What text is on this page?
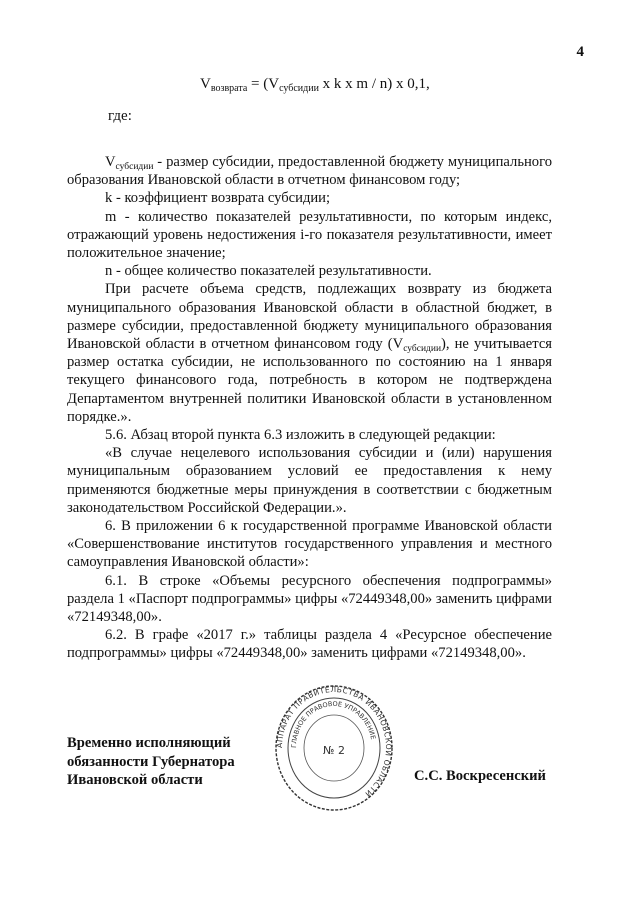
4
$V_{возврата} = (V_{субсидии}$ x k x m / n) x 0,1,
где:

$V_{субсидии}$ - размер субсидии, предоставленной бюджету муниципального образования Ивановской области в отчетном финансовом году;

k - коэффициент возврата субсидии;

m - количество показателей результативности, по которым индекс, отражающий уровень недостижения i-го показателя результативности, имеет положительное значение;

n - общее количество показателей результативности.

При расчете объема средств, подлежащих возврату из бюджета муниципального образования Ивановской области в областной бюджет, в размере субсидии, предоставленной бюджету муниципального образования Ивановской области в отчетном финансовом году $(V_{субсидии})$, не учитывается размер остатка субсидии, не использованного по состоянию на 1 января текущего финансового года, потребность в котором не подтверждена Департаментом внутренней политики Ивановской области в установленном порядке.».

5.6. Абзац второй пункта 6.3 изложить в следующей редакции:

«В случае нецелевого использования субсидии и (или) нарушения муниципальным образованием условий ее предоставления к нему применяются бюджетные меры принуждения в соответствии с бюджетным законодательством Российской Федерации.».

6. В приложении 6 к государственной программе Ивановской области «Совершенствование институтов государственного управления и местного самоуправления Ивановской области»:

6.1. В строке «Объемы ресурсного обеспечения подпрограммы» раздела 1 «Паспорт подпрограммы» цифры «72449348,00» заменить цифрами «72149348,00».

6.2. В графе «2017 г.» таблицы раздела 4 «Ресурсное обеспечение подпрограммы» цифры «72449348,00» заменить цифрами «72149348,00».

Временно исполняющий
обязанности Губернатора
Ивановской области
АППАРАТ ПРАВИТЕЛЬСТВА ИВАНОВСКОЙ ОБЛАСТИ
ГЛАВНОЕ ПРАВОВОЕ УПРАВЛЕНИЕ
№ 2
С.С. Воскресенский
